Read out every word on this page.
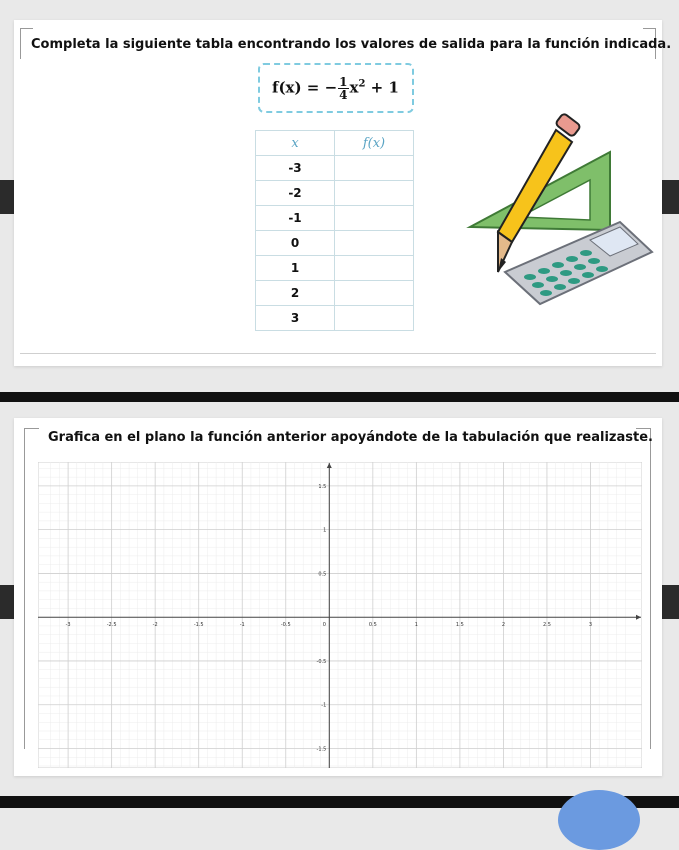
Completa la siguiente tabla encontrando los valores de salida para la función indicada.
f(x) = − $\frac{1}{4} x^2 + 1$
x	f(x)
-3	
-2	
-1	
0	
1	
2	
3	
Grafica en el plano la función anterior apoyándote de la tabulación que realizaste.
-3	-2.5	-2	-1.5	-1	-0.5	0	0.5	1	1.5	2	2.5	3
-1.5
-1
-0.5
0.5
1
1.5
